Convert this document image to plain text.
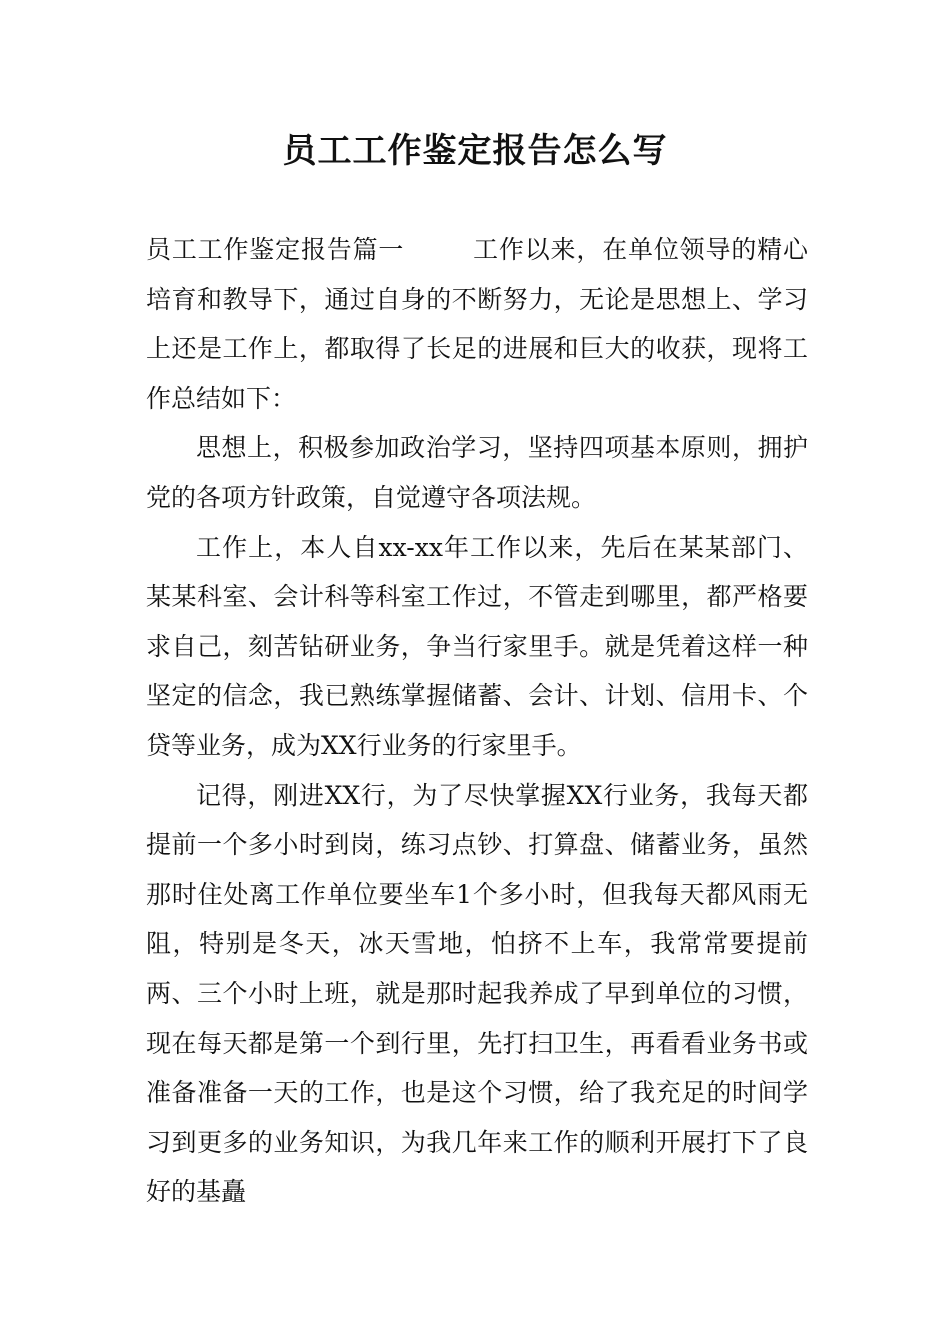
员工工作鉴定报告怎么写

员工工作鉴定报告篇一	工作以来，在单位领导的精心培育和教导下，通过自身的不断努力，无论是思想上、学习上还是工作上，都取得了长足的进展和巨大的收获，现将工作总结如下：

思想上，积极参加政治学习，坚持四项基本原则，拥护党的各项方针政策，自觉遵守各项法规。

工作上，本人自xx-xx年工作以来，先后在某某部门、某某科室、会计科等科室工作过，不管走到哪里，都严格要求自己，刻苦钻研业务，争当行家里手。就是凭着这样一种坚定的信念，我已熟练掌握储蓄、会计、计划、信用卡、个贷等业务，成为XX行业务的行家里手。

记得，刚进XX行，为了尽快掌握XX行业务，我每天都提前一个多小时到岗，练习点钞、打算盘、储蓄业务，虽然那时住处离工作单位要坐车1个多小时，但我每天都风雨无阻，特别是冬天，冰天雪地，怕挤不上车，我常常要提前两、三个小时上班，就是那时起我养成了早到单位的习惯，现在每天都是第一个到行里，先打扫卫生，再看看业务书或准备准备一天的工作，也是这个习惯，给了我充足的时间学习到更多的业务知识，为我几年来工作的顺利开展打下了良好的基矗
